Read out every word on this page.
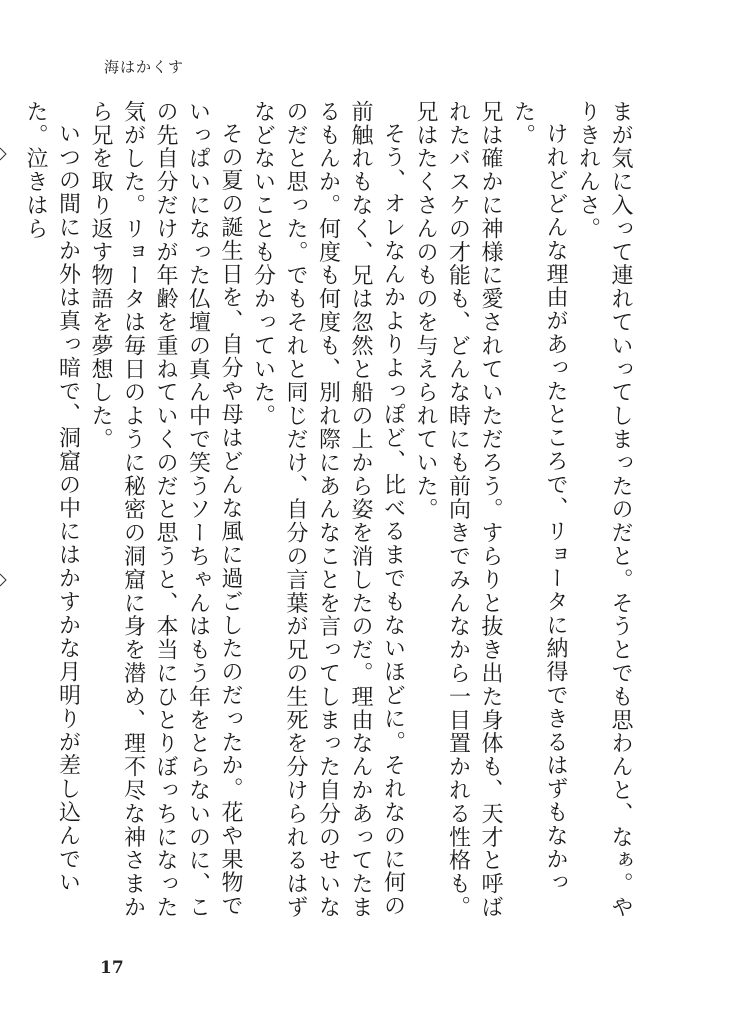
海はかくす

まが気に入って連れていってしまったのだと。そうとでも思わんと、なぁ。やりきれんさ。

けれどどんな理由があったところで、リョータに納得できるはずもなかった。

兄は確かに神様に愛されていただろう。すらりと抜き出た身体も、天才と呼ばれたバスケの才能も、どんな時にも前向きでみんなから一目置かれる性格も。兄はたくさんのものを与えられていた。

そう、オレなんかよりよっぽど、比べるまでもないほどに。それなのに何の前触れもなく、兄は忽然と船の上から姿を消したのだ。理由なんかあってたまるもんか。何度も何度も、別れ際にあんなことを言ってしまった自分のせいなのだと思った。でもそれと同じだけ、自分の言葉が兄の生死を分けられるはずなどないことも分かっていた。

その夏の誕生日を、自分や母はどんな風に過ごしたのだったか。花や果物でいっぱいになった仏壇の真ん中で笑うソーちゃんはもう年をとらないのに、この先自分だけが年齢を重ねていくのだと思うと、本当にひとりぼっちになった気がした。リョータは毎日のように秘密の洞窟に身を潜め、理不尽な神さまから兄を取り返す物語を夢想した。

いつの間にか外は真っ暗で、洞窟の中にはかすかな月明りが差し込んでいた。泣きはら

17
